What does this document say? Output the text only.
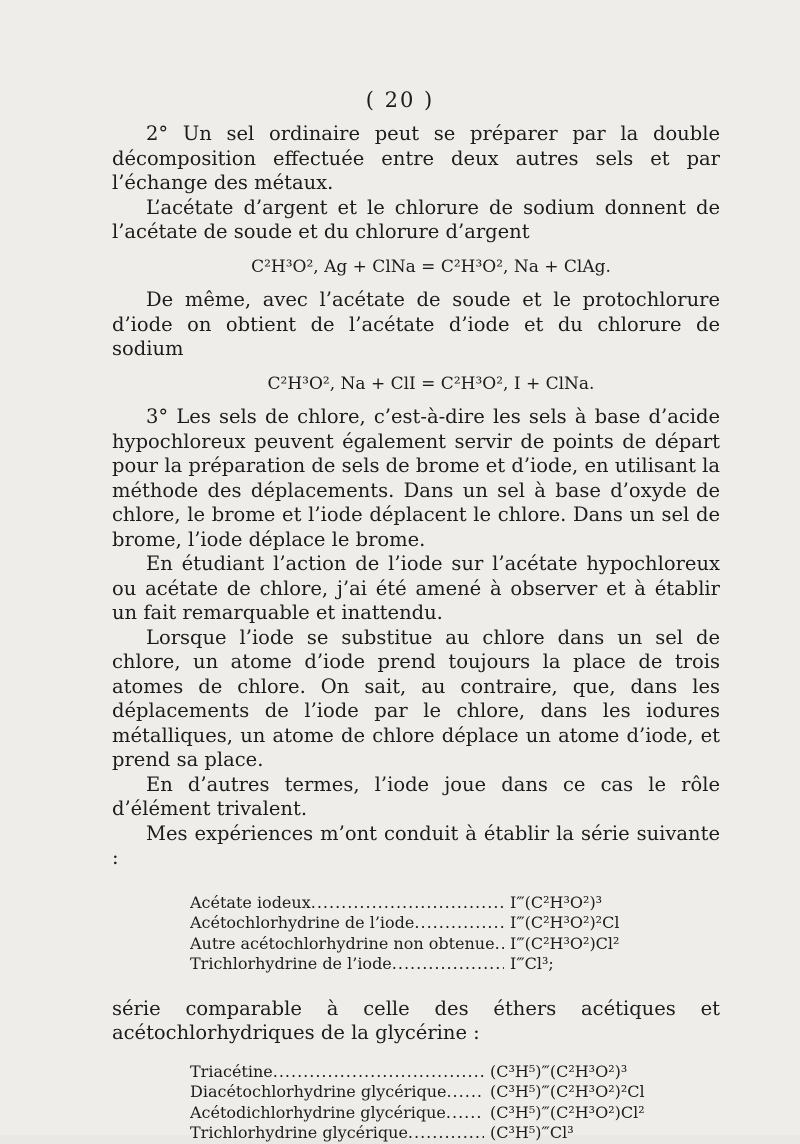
( 20 )

2° Un sel ordinaire peut se préparer par la double décomposition effectuée entre deux autres sels et par l’échange des métaux.

L’acétate d’argent et le chlorure de sodium donnent de l’acétate de soude et du chlorure d’argent

C²H³O², Ag + ClNa = C²H³O², Na + ClAg.

De même, avec l’acétate de soude et le protochlorure d’iode on obtient de l’acétate d’iode et du chlorure de sodium

C²H³O², Na + ClI = C²H³O², I + ClNa.

3° Les sels de chlore, c’est-à-dire les sels à base d’acide hypochloreux peuvent également servir de points de départ pour la préparation de sels de brome et d’iode, en utilisant la méthode des déplacements. Dans un sel à base d’oxyde de chlore, le brome et l’iode déplacent le chlore. Dans un sel de brome, l’iode déplace le brome.

En étudiant l’action de l’iode sur l’acétate hypochloreux ou acétate de chlore, j’ai été amené à observer et à établir un fait remarquable et inattendu.

Lorsque l’iode se substitue au chlore dans un sel de chlore, un atome d’iode prend toujours la place de trois atomes de chlore. On sait, au contraire, que, dans les déplacements de l’iode par le chlore, dans les iodures métalliques, un atome de chlore déplace un atome d’iode, et prend sa place.

En d’autres termes, l’iode joue dans ce cas le rôle d’élément trivalent.

Mes expériences m’ont conduit à établir la série suivante :

Acétate iodeux .....	I‴(C²H³O²)³
Acétochlorhydrine de l’iode .....	I‴(C²H³O²)²Cl
Autre acétochlorhydrine non obtenue ..... I‴(C²H³O²)Cl²
Trichlorhydrine de l’iode .....	I‴Cl³;

série comparable à celle des éthers acétiques et acétochlorhydriques de la glycérine :

Triacétine .....	(C³H⁵)‴(C²H³O²)³
Diacétochlorhydrine glycérique .....	(C³H⁵)‴(C²H³O²)²Cl
Acétodichlorhydrine glycérique .....	(C³H⁵)‴(C²H³O²)Cl²
Trichlorhydrine glycérique .....	(C³H⁵)‴Cl³
